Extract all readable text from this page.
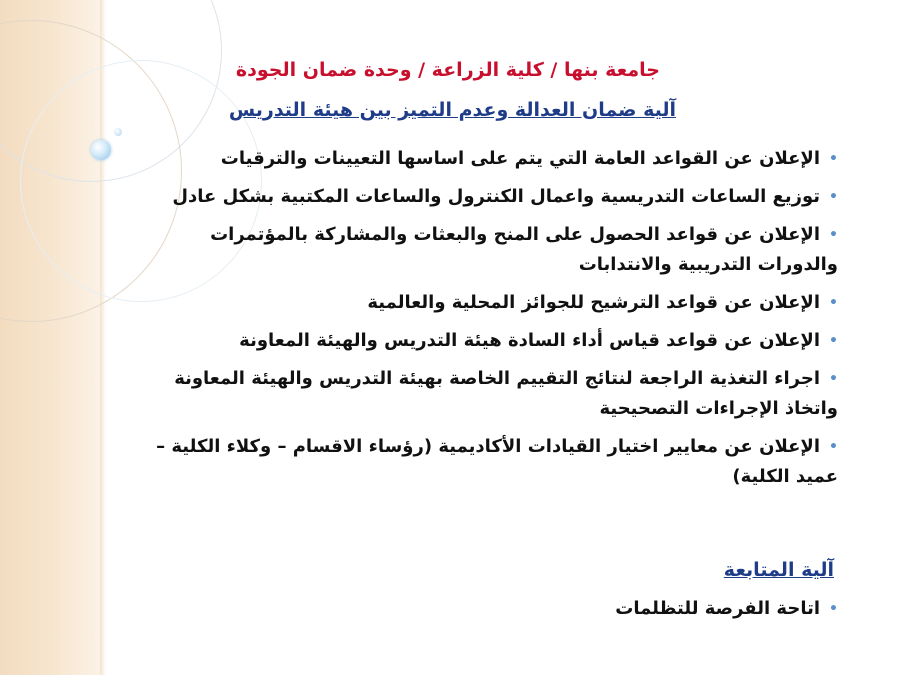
جامعة بنها / كلية الزراعة / وحدة ضمان الجودة
آلية ضمان العدالة وعدم التميز بين هيئة التدريس
•
الإعلان عن القواعد العامة التي يتم على اساسها التعيينات والترقيات
•
توزيع الساعات التدريسية واعمال الكنترول والساعات المكتبية بشكل عادل
•
الإعلان عن قواعد الحصول على المنح والبعثات والمشاركة بالمؤتمرات
والدورات التدريبية والانتدابات
•
الإعلان عن قواعد الترشيح للجوائز المحلية والعالمية
•
الإعلان عن قواعد قياس أداء السادة هيئة التدريس والهيئة المعاونة
•
اجراء التغذية الراجعة لنتائج التقييم الخاصة بهيئة التدريس والهيئة المعاونة
واتخاذ الإجراءات التصحيحية
•
الإعلان عن معايير اختيار القيادات الأكاديمية (رؤساء الاقسام – وكلاء الكلية –
عميد الكلية)
آلية المتابعة
•
اتاحة الفرصة للتظلمات
